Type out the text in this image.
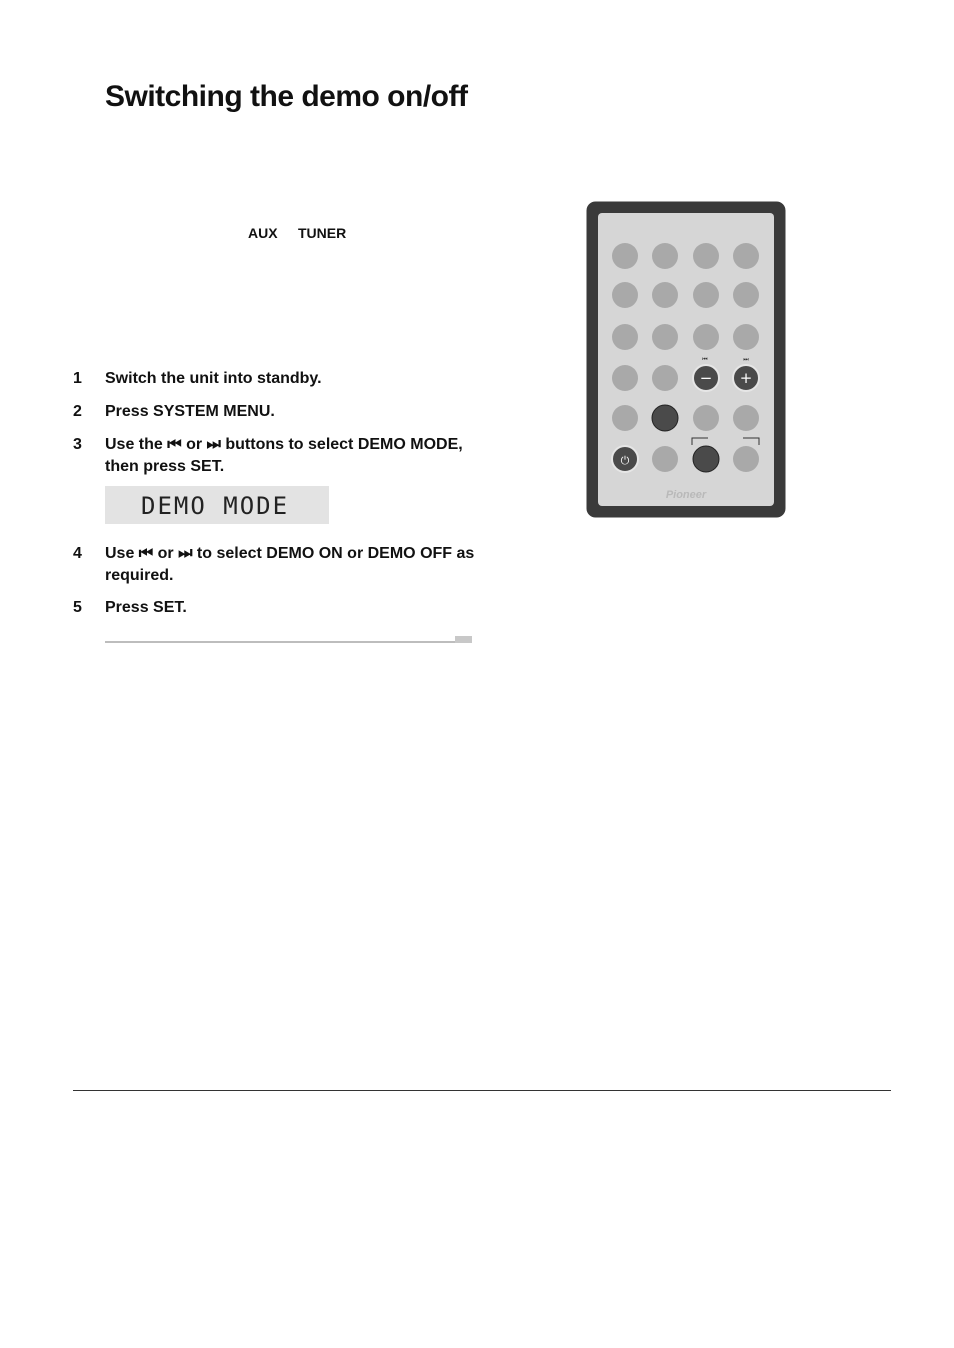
Switching the demo on/off
AUX TUNER
1	Switch the unit into standby.
2	Press SYSTEM MENU.
3	Use the ⏮ or ⏭ buttons to select DEMO MODE, then press SET.
4	Use ⏮ or ⏭ to select DEMO ON or DEMO OFF as required.
5	Press SET.
DEMO MODE
− +
⏻
⏮	⏭
Pioneer
